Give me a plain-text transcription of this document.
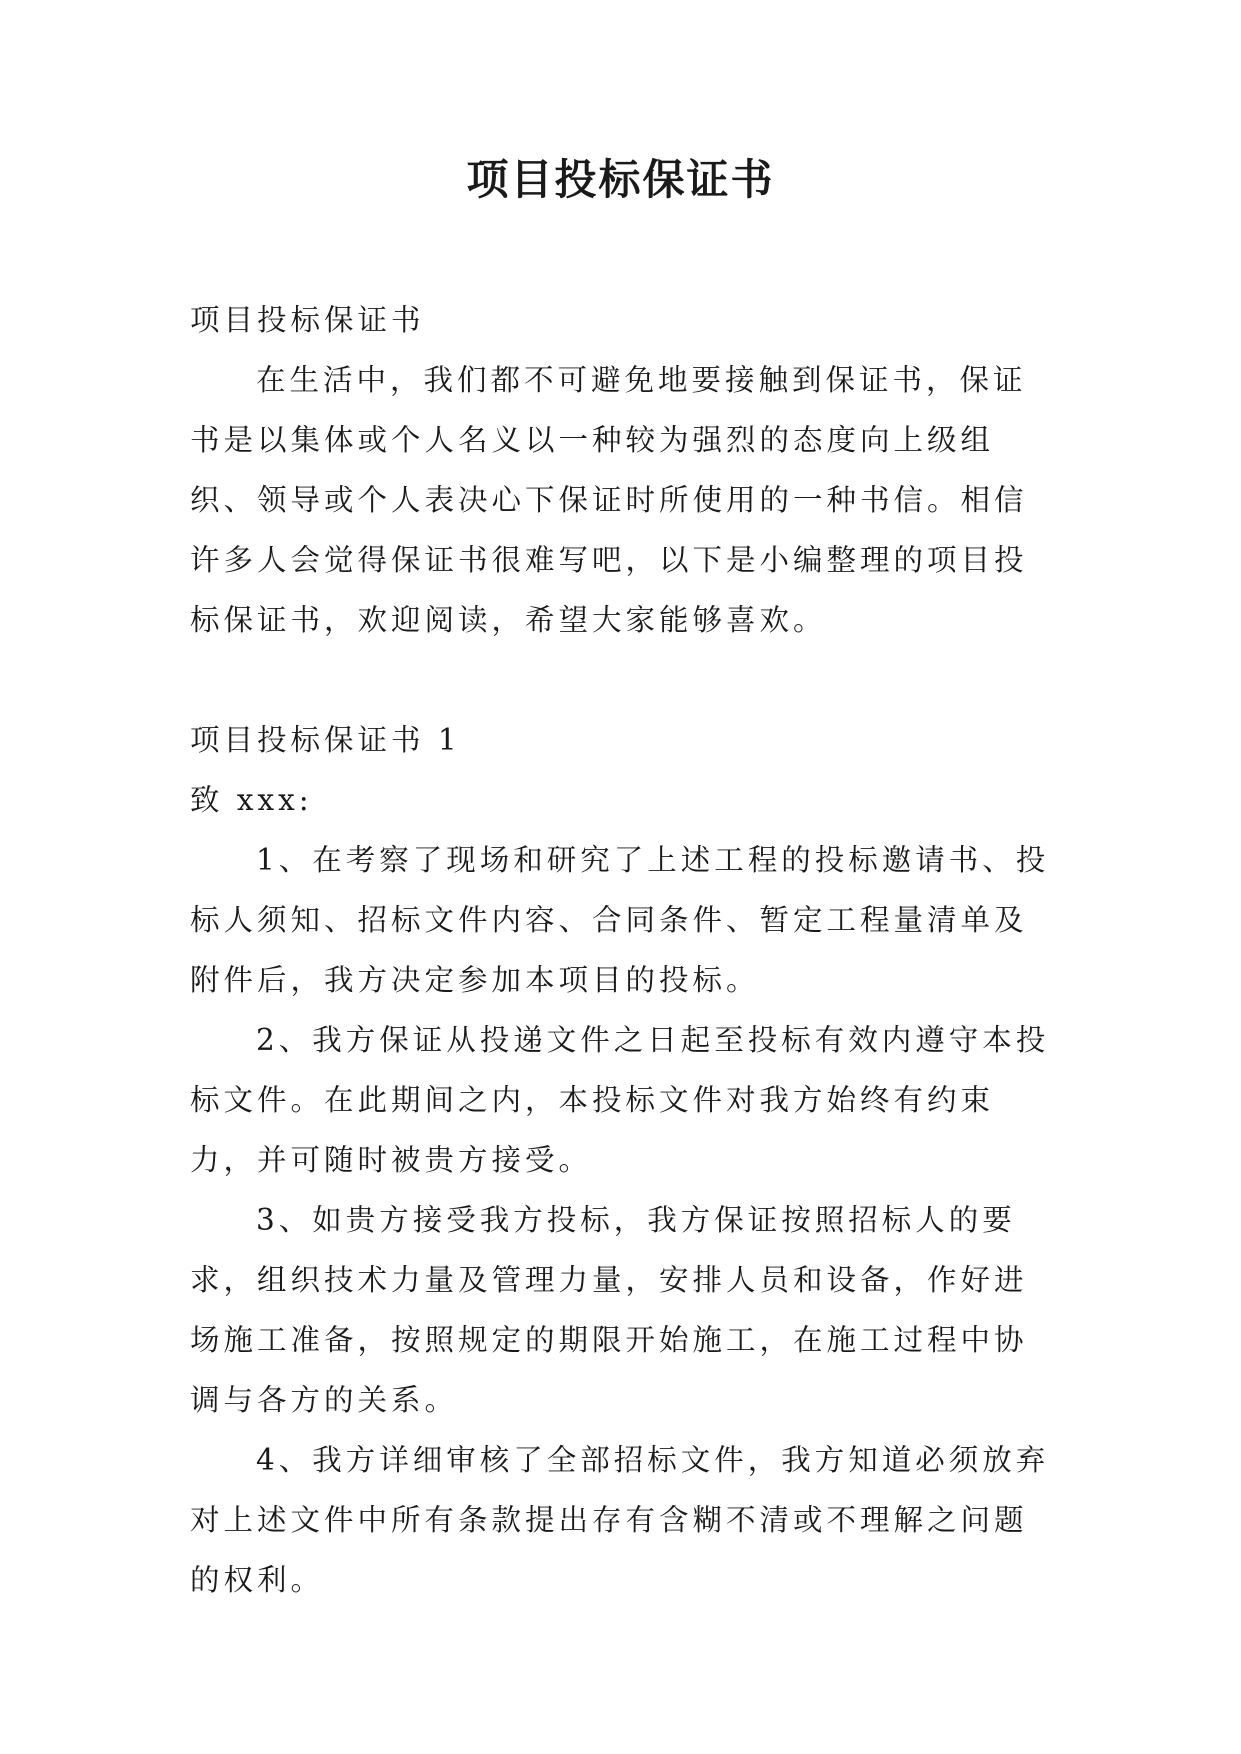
项目投标保证书

项目投标保证书

在生活中，我们都不可避免地要接触到保证书，保证书是以集体或个人名义以一种较为强烈的态度向上级组织、领导或个人表决心下保证时所使用的一种书信。相信许多人会觉得保证书很难写吧，以下是小编整理的项目投标保证书，欢迎阅读，希望大家能够喜欢。

项目投标保证书 1

致 xxx:

1、在考察了现场和研究了上述工程的投标邀请书、投标人须知、招标文件内容、合同条件、暂定工程量清单及附件后，我方决定参加本项目的投标。

2、我方保证从投递文件之日起至投标有效内遵守本投标文件。在此期间之内，本投标文件对我方始终有约束力，并可随时被贵方接受。

3、如贵方接受我方投标，我方保证按照招标人的要求，组织技术力量及管理力量，安排人员和设备，作好进场施工准备，按照规定的期限开始施工，在施工过程中协调与各方的关系。

4、我方详细审核了全部招标文件，我方知道必须放弃对上述文件中所有条款提出存有含糊不清或不理解之问题的权利。
